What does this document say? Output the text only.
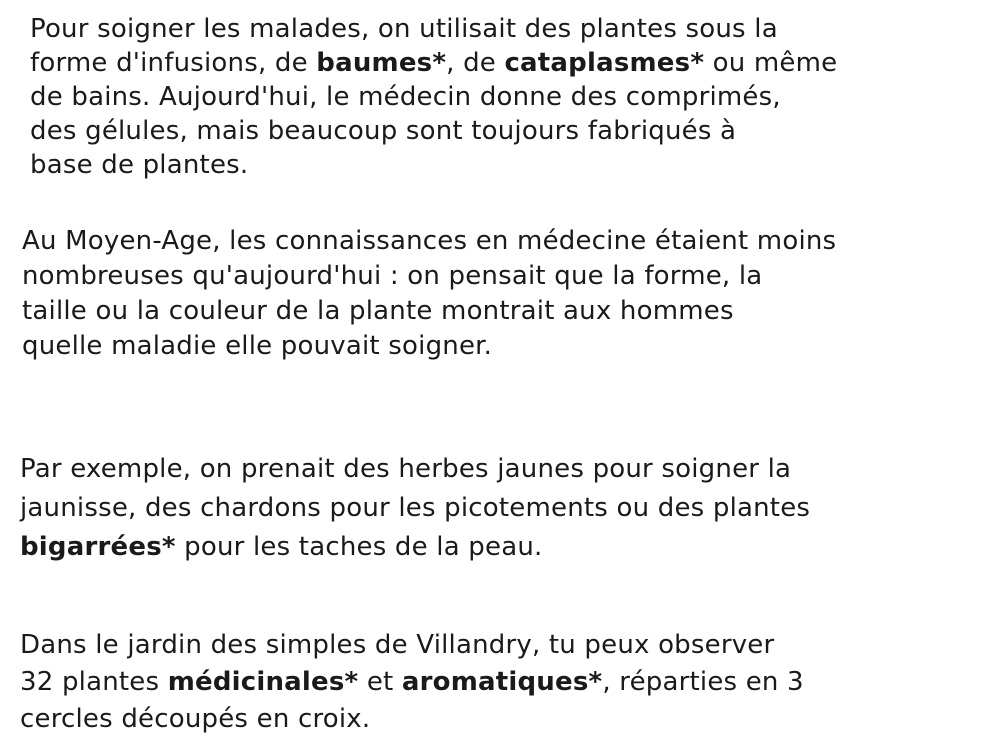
Pour soigner les malades, on utilisait des plantes sous la
forme d'infusions, de baumes*, de cataplasmes* ou même
de bains. Aujourd'hui, le médecin donne des comprimés,
des gélules, mais beaucoup sont toujours fabriqués à
base de plantes.
Au Moyen-Age, les connaissances en médecine étaient moins
nombreuses qu'aujourd'hui : on pensait que la forme, la
taille ou la couleur de la plante montrait aux hommes
quelle maladie elle pouvait soigner.
Par exemple, on prenait des herbes jaunes pour soigner la
jaunisse, des chardons pour les picotements ou des plantes
bigarrées* pour les taches de la peau.
Dans le jardin des simples de Villandry, tu peux observer
32 plantes médicinales* et aromatiques*, réparties en 3
cercles découpés en croix.
